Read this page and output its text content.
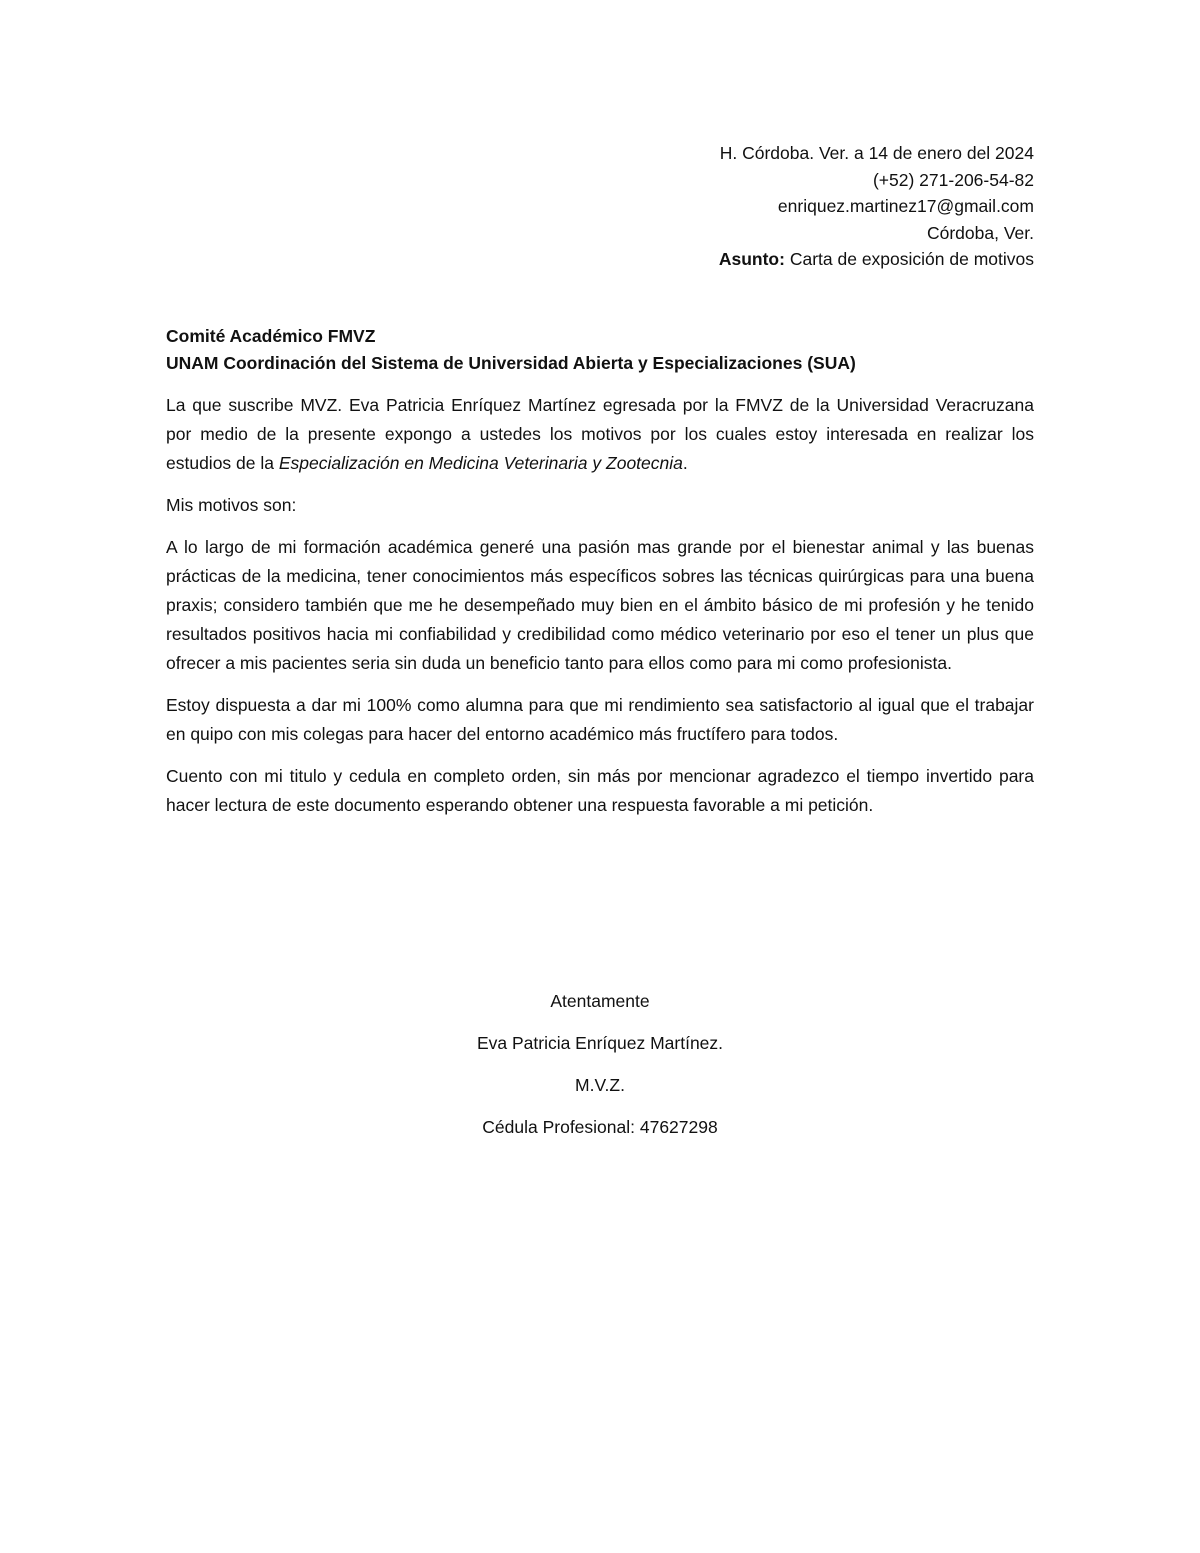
H. Córdoba. Ver. a 14 de enero del 2024
(+52) 271-206-54-82
enriquez.martinez17@gmail.com
Córdoba, Ver.
Asunto: Carta de exposición de motivos
Comité Académico FMVZ
UNAM Coordinación del Sistema de Universidad Abierta y Especializaciones (SUA)

La que suscribe MVZ. Eva Patricia Enríquez Martínez egresada por la FMVZ de la Universidad Veracruzana por medio de la presente expongo a ustedes los motivos por los cuales estoy interesada en realizar los estudios de la Especialización en Medicina Veterinaria y Zootecnia.

Mis motivos son:

A lo largo de mi formación académica generé una pasión mas grande por el bienestar animal y las buenas prácticas de la medicina, tener conocimientos más específicos sobres las técnicas quirúrgicas para una buena praxis; considero también que me he desempeñado muy bien en el ámbito básico de mi profesión y he tenido resultados positivos hacia mi confiabilidad y credibilidad como médico veterinario por eso el tener un plus que ofrecer a mis pacientes seria sin duda un beneficio tanto para ellos como para mi como profesionista.

Estoy dispuesta a dar mi 100% como alumna para que mi rendimiento sea satisfactorio al igual que el trabajar en quipo con mis colegas para hacer del entorno académico más fructífero para todos.

Cuento con mi titulo y cedula en completo orden, sin más por mencionar agradezco el tiempo invertido para hacer lectura de este documento esperando obtener una respuesta favorable a mi petición.

Atentamente
Eva Patricia Enríquez Martínez.
M.V.Z.
Cédula Profesional: 47627298
